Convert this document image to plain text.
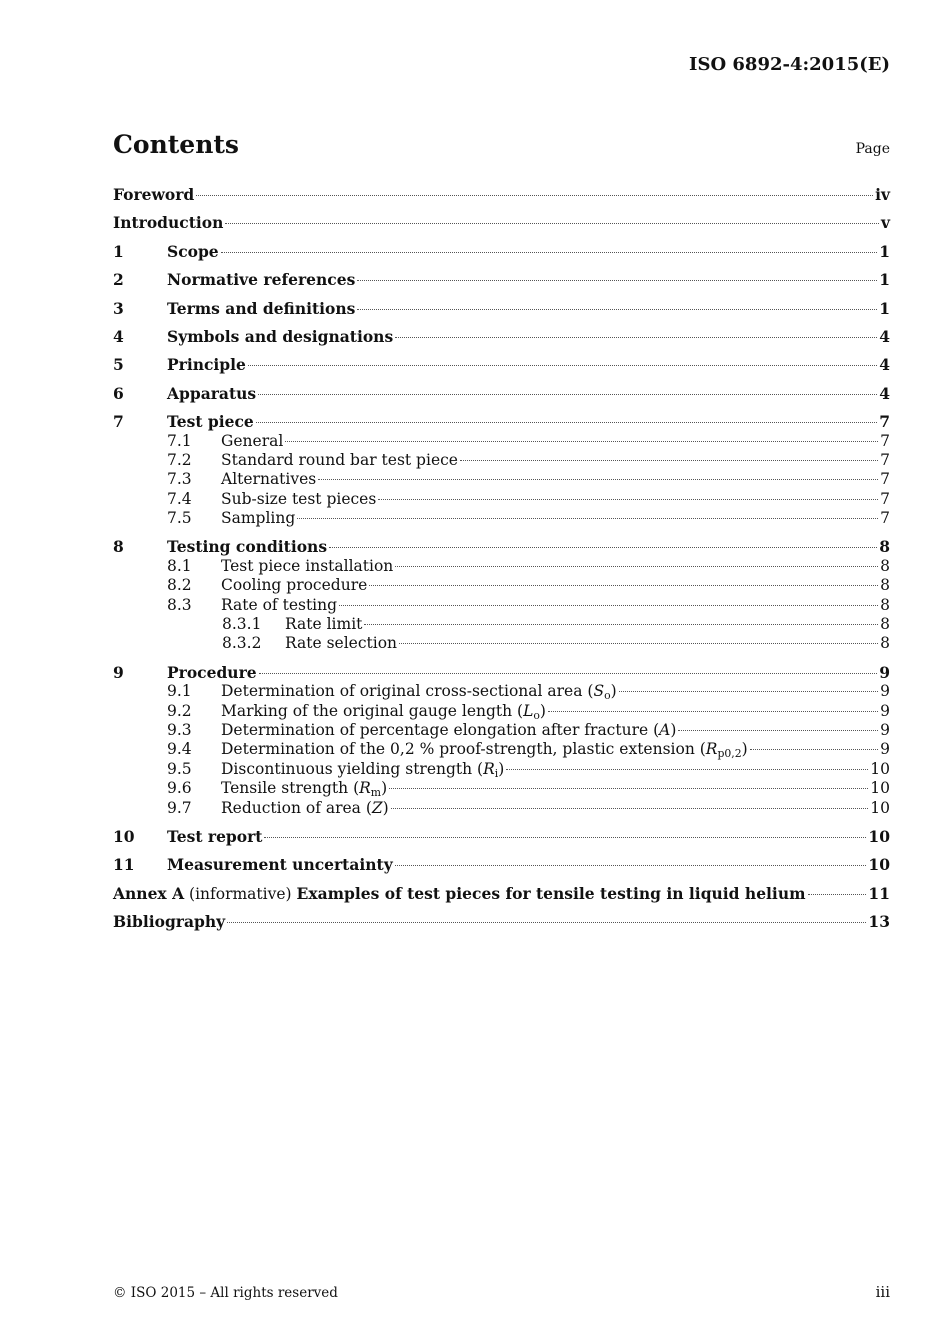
ISO 6892-4:2015(E)
Contents	Page
Foreword	iv
Introduction	v
1	Scope	1
2	Normative references	1
3	Terms and definitions	1
4	Symbols and designations	4
5	Principle	4
6	Apparatus	4
7	Test piece	7
7.1	General	7
7.2	Standard round bar test piece	7
7.3	Alternatives	7
7.4	Sub-size test pieces	7
7.5	Sampling	7
8	Testing conditions	8
8.1	Test piece installation	8
8.2	Cooling procedure	8
8.3	Rate of testing	8
8.3.1	Rate limit	8
8.3.2	Rate selection	8
9	Procedure	9
9.1	Determination of original cross-sectional area $(S_o)$	9
9.2	Marking of the original gauge length $(L_o)$	9
9.3	Determination of percentage elongation after fracture (A)	9
9.4	Determination of the 0,2 % proof-strength, plastic extension $(R_{p0,2})$	9
9.5	Discontinuous yielding strength $(R_i)$	10
9.6	Tensile strength $(R_m)$	10
9.7	Reduction of area (Z)	10
10	Test report	10
11	Measurement uncertainty	10
Annex A (informative) Examples of test pieces for tensile testing in liquid helium	11
Bibliography	13
© ISO 2015 – All rights reserved	iii
